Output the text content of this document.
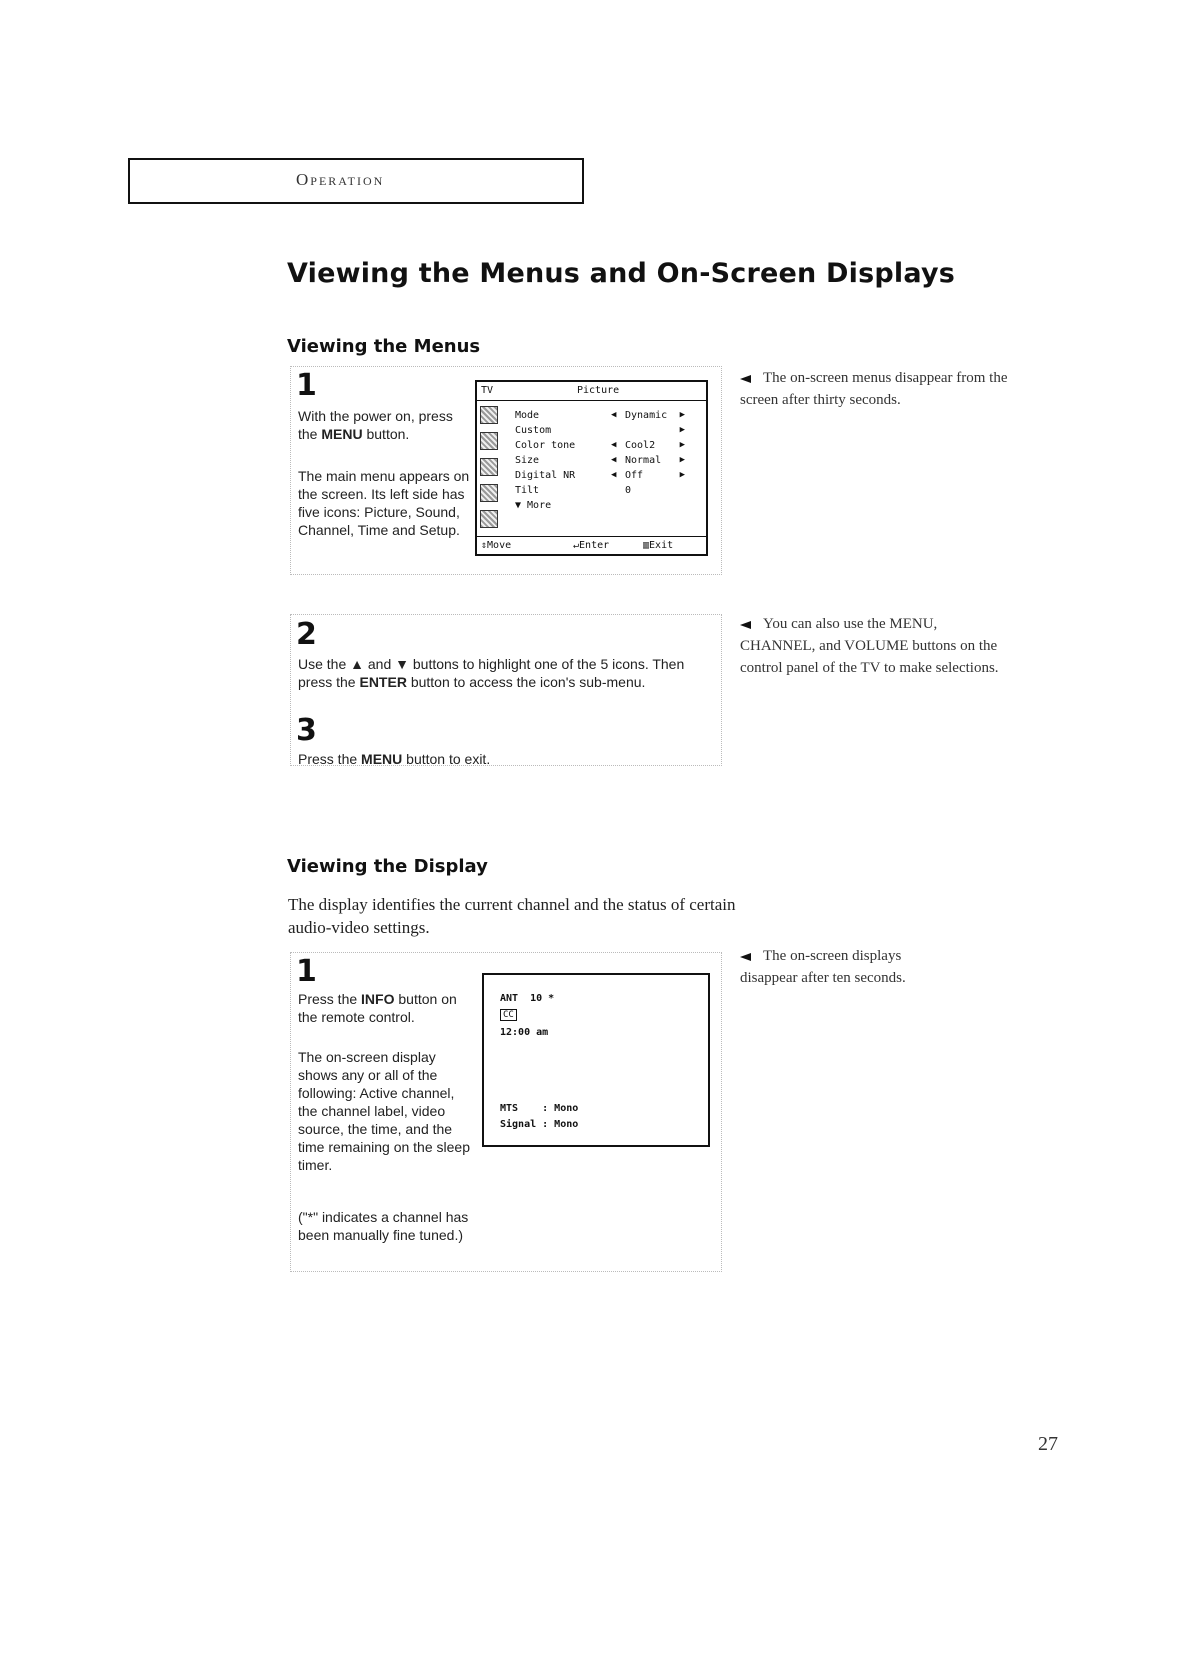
Operation
Viewing the Menus and On-Screen Displays
Viewing the Menus
1
With the power on, press the MENU button.
The main menu appears on the screen. Its left side has five icons: Picture, Sound, Channel, Time and Setup.
TV	Picture
Mode	◀ Dynamic ▶
Custom	▶
Color tone	◀ Cool2	▶
Size	◀ Normal ▶
Digital NR	◀ Off	▶
Tilt	0
▼ More
⇕Move	↵Enter	▥Exit
The on-screen menus disappear from the screen after thirty seconds.
2
Use the ▲ and ▼ buttons to highlight one of the 5 icons. Then press the ENTER button to access the icon's sub-menu.
3
Press the MENU button to exit.
You can also use the MENU, CHANNEL, and VOLUME buttons on the control panel of the TV to make selections.
Viewing the Display
The display identifies the current channel and the status of certain audio-video settings.
1
Press the INFO button on the remote control.
The on-screen display shows any or all of the following: Active channel, the channel label, video source, the time, and the time remaining on the sleep timer.
("*" indicates a channel has been manually fine tuned.)
ANT  10 *
CC
12:00 am
MTS    : Mono
Signal : Mono
The on-screen displays disappear after ten seconds.
27
